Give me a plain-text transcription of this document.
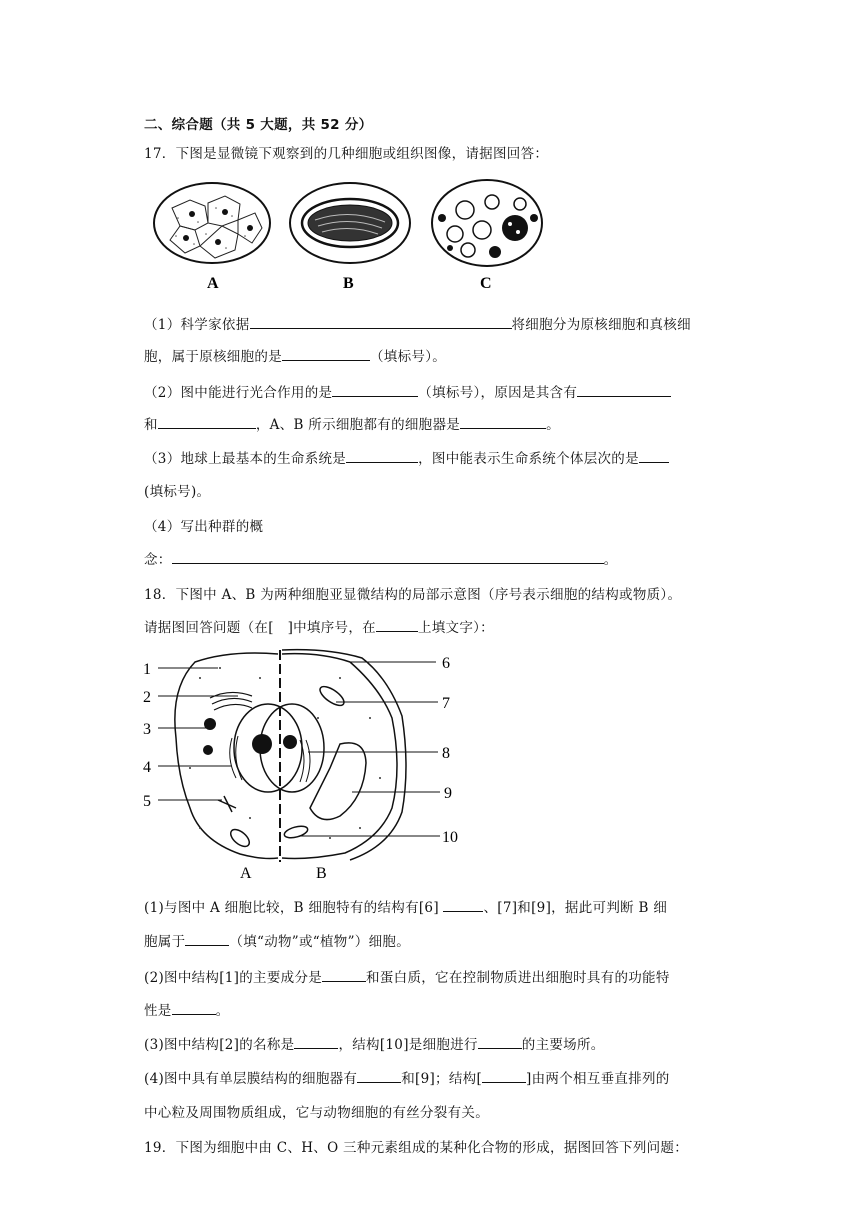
二、综合题（共 5 大题，共 52 分）
17．下图是显微镜下观察到的几种细胞或组织图像，请据图回答：
A	B	C
（1）科学家依据	将细胞分为原核细胞和真核细
胞，属于原核细胞的是	（填标号）。
（2）图中能进行光合作用的是	（填标号），原因是其含有
和	，A、B 所示细胞都有的细胞器是	。
（3）地球上最基本的生命系统是	，图中能表示生命系统个体层次的是
(填标号)。
（4）写出种群的概
念：	。
18．下图中 A、B 为两种细胞亚显微结构的局部示意图（序号表示细胞的结构或物质）。
请据图回答问题（在[　]中填序号，在	上填文字）：
1
2
3
4
5
6
7
8
9
10
A	B
(1)与图中 A 细胞比较，B 细胞特有的结构有[6]	、[7]和[9]，据此可判断 B 细
胞属于	（填“动物”或“植物”）细胞。
(2)图中结构[1]的主要成分是	和蛋白质，它在控制物质进出细胞时具有的功能特
性是	。
(3)图中结构[2]的名称是	，结构[10]是细胞进行	的主要场所。
(4)图中具有单层膜结构的细胞器有	和[9]；结构[	]由两个相互垂直排列的
中心粒及周围物质组成，它与动物细胞的有丝分裂有关。
19．下图为细胞中由 C、H、O 三种元素组成的某种化合物的形成，据图回答下列问题：
